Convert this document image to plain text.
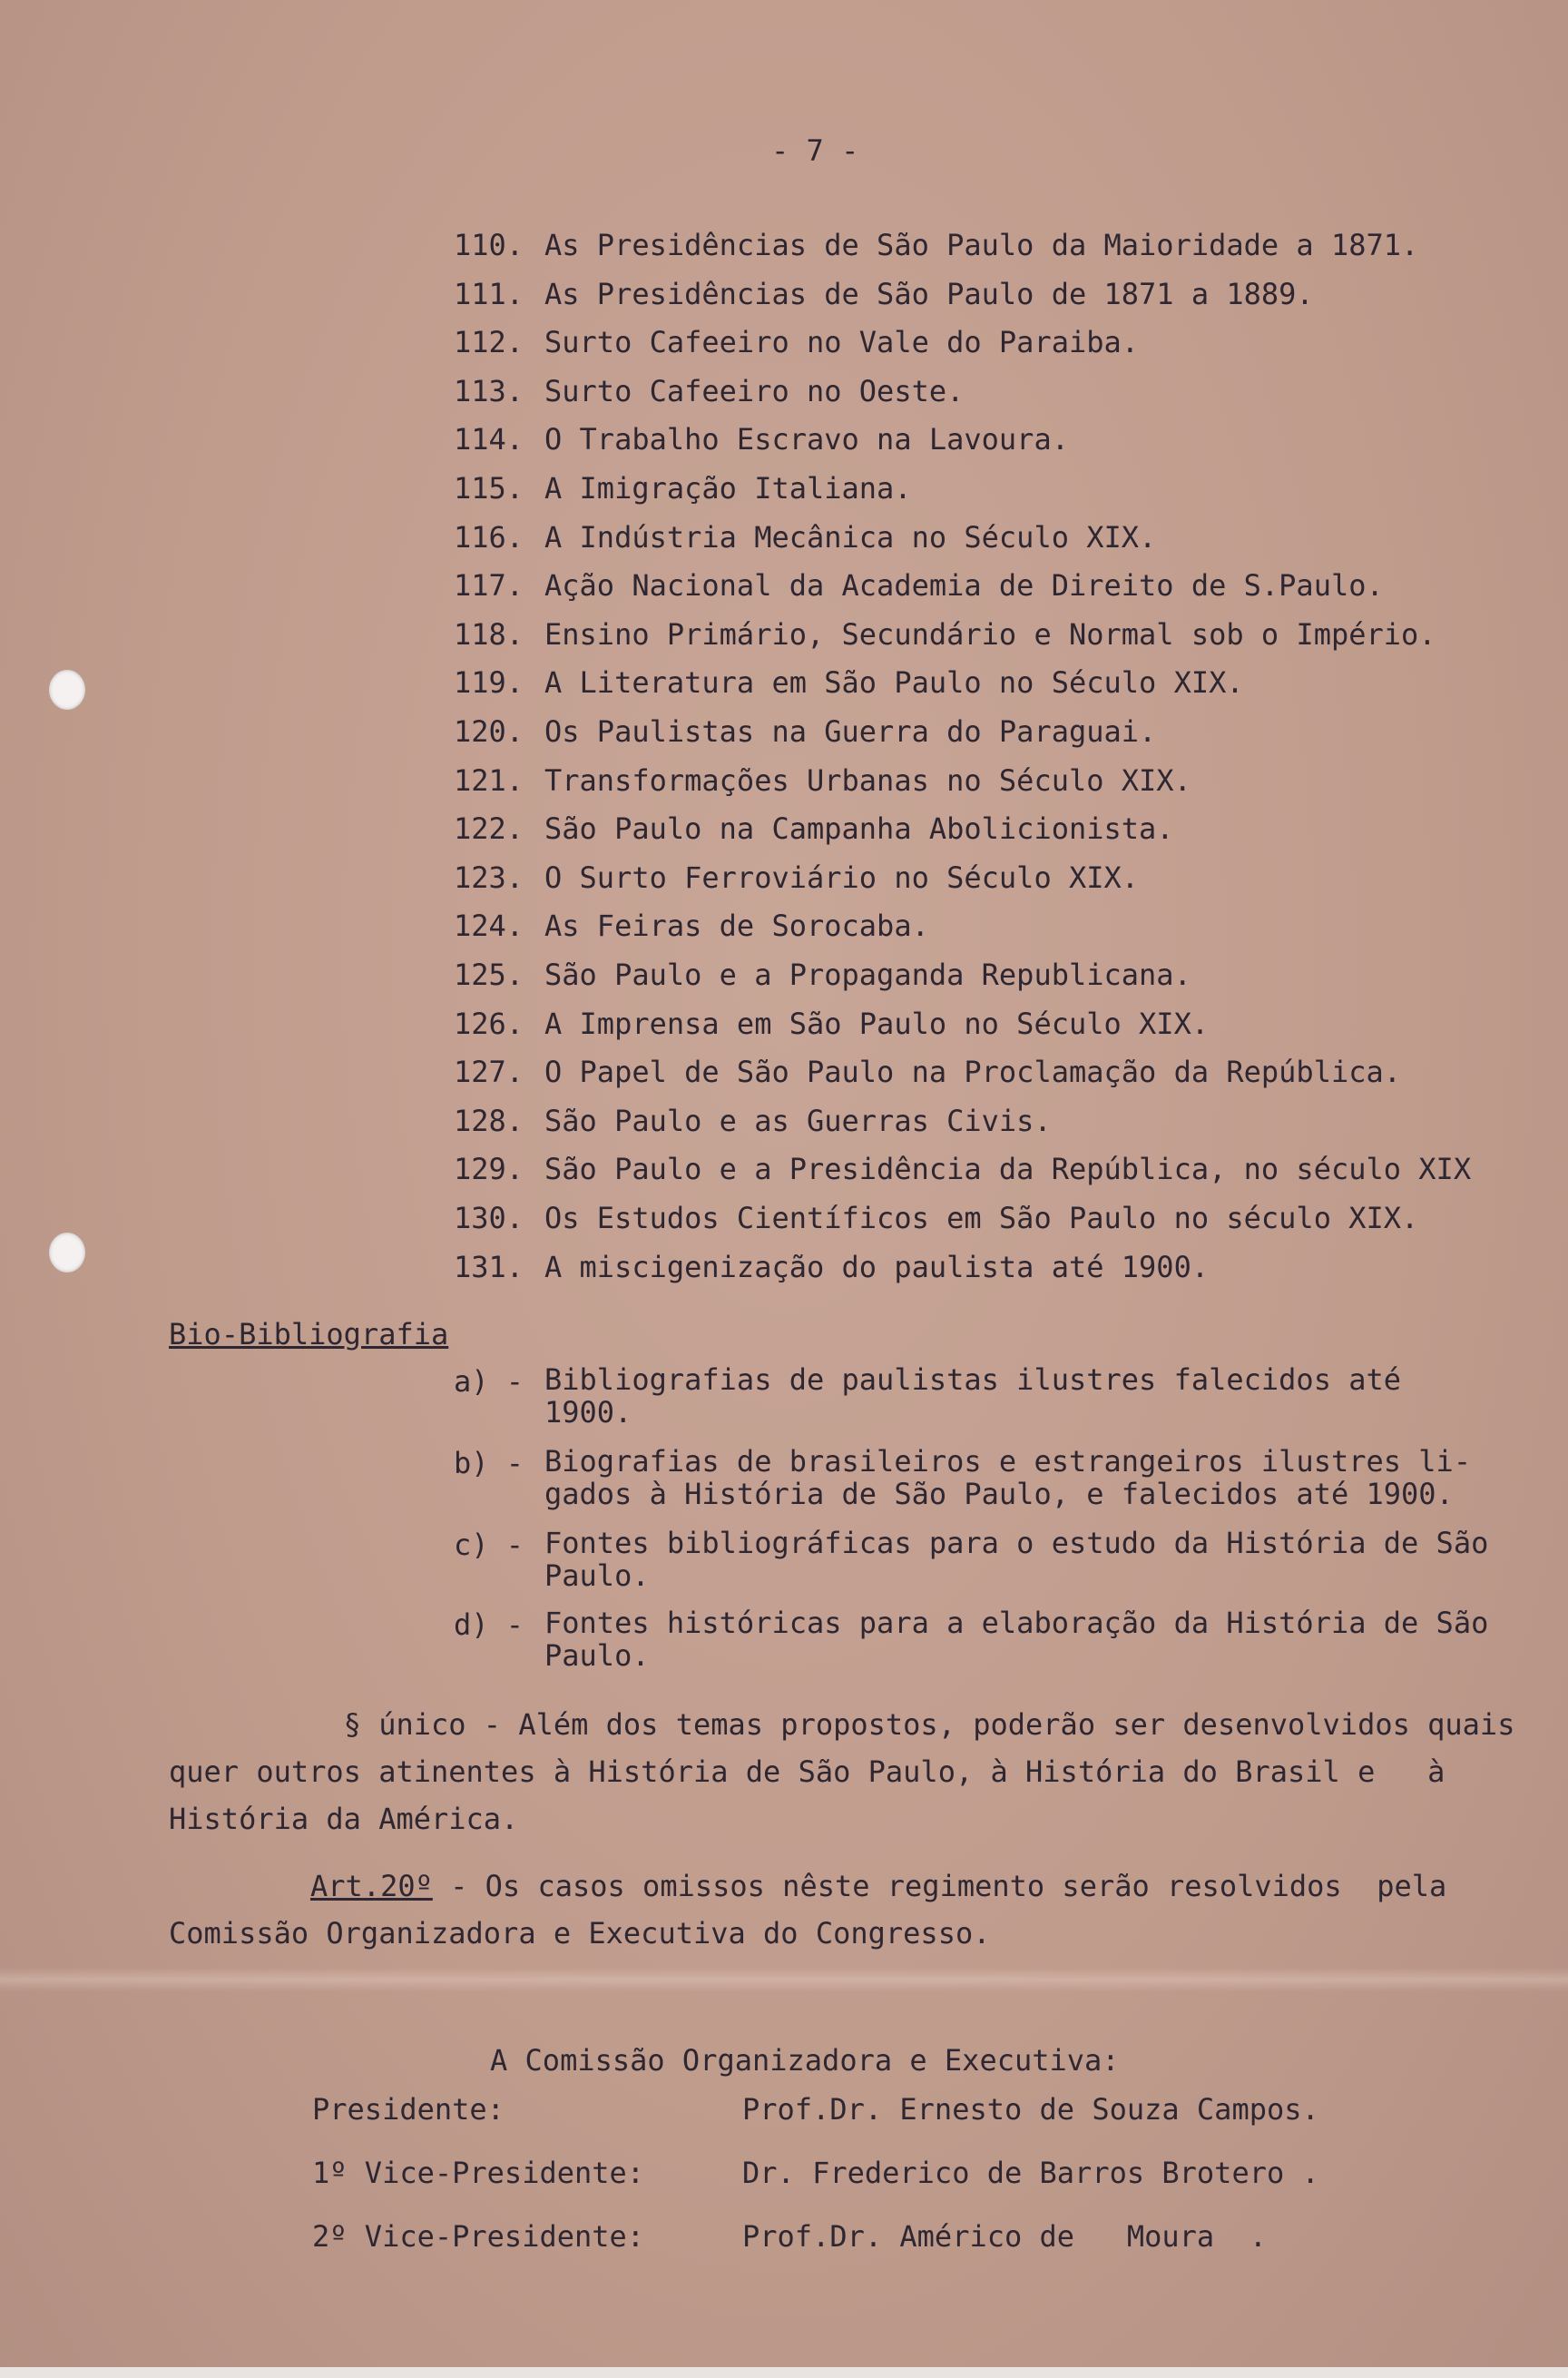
- 7 -
110. As Presidências de São Paulo da Maioridade a 1871.
111. As Presidências de São Paulo de 1871 a 1889.
112. Surto Cafeeiro no Vale do Paraiba.
113. Surto Cafeeiro no Oeste.
114. O Trabalho Escravo na Lavoura.
115. A Imigração Italiana.
116. A Indústria Mecânica no Século XIX.
117. Ação Nacional da Academia de Direito de S.Paulo.
118. Ensino Primário, Secundário e Normal sob o Império.
119. A Literatura em São Paulo no Século XIX.
120. Os Paulistas na Guerra do Paraguai.
121. Transformações Urbanas no Século XIX.
122. São Paulo na Campanha Abolicionista.
123. O Surto Ferroviário no Século XIX.
124. As Feiras de Sorocaba.
125. São Paulo e a Propaganda Republicana.
126. A Imprensa em São Paulo no Século XIX.
127. O Papel de São Paulo na Proclamação da República.
128. São Paulo e as Guerras Civis.
129. São Paulo e a Presidência da República, no século XIX
130. Os Estudos Científicos em São Paulo no século XIX.
131. A miscigenização do paulista até 1900.
Bio-Bibliografia
a) - Bibliografias de paulistas ilustres falecidos até
1900.
b) - Biografias de brasileiros e estrangeiros ilustres li-
gados à História de São Paulo, e falecidos até 1900.
c) - Fontes bibliográficas para o estudo da História de São
Paulo.
d) - Fontes históricas para a elaboração da História de São
Paulo.
§ único - Além dos temas propostos, poderão ser desenvolvidos quais
quer outros atinentes à História de São Paulo, à História do Brasil e   à
História da América.
Art.20º - Os casos omissos nêste regimento serão resolvidos  pela
Comissão Organizadora e Executiva do Congresso.
A Comissão Organizadora e Executiva:
Presidente:	Prof.Dr. Ernesto de Souza Campos.
1º Vice-Presidente:	Dr. Frederico de Barros Brotero .
2º Vice-Presidente:	Prof.Dr. Américo de   Moura  .
